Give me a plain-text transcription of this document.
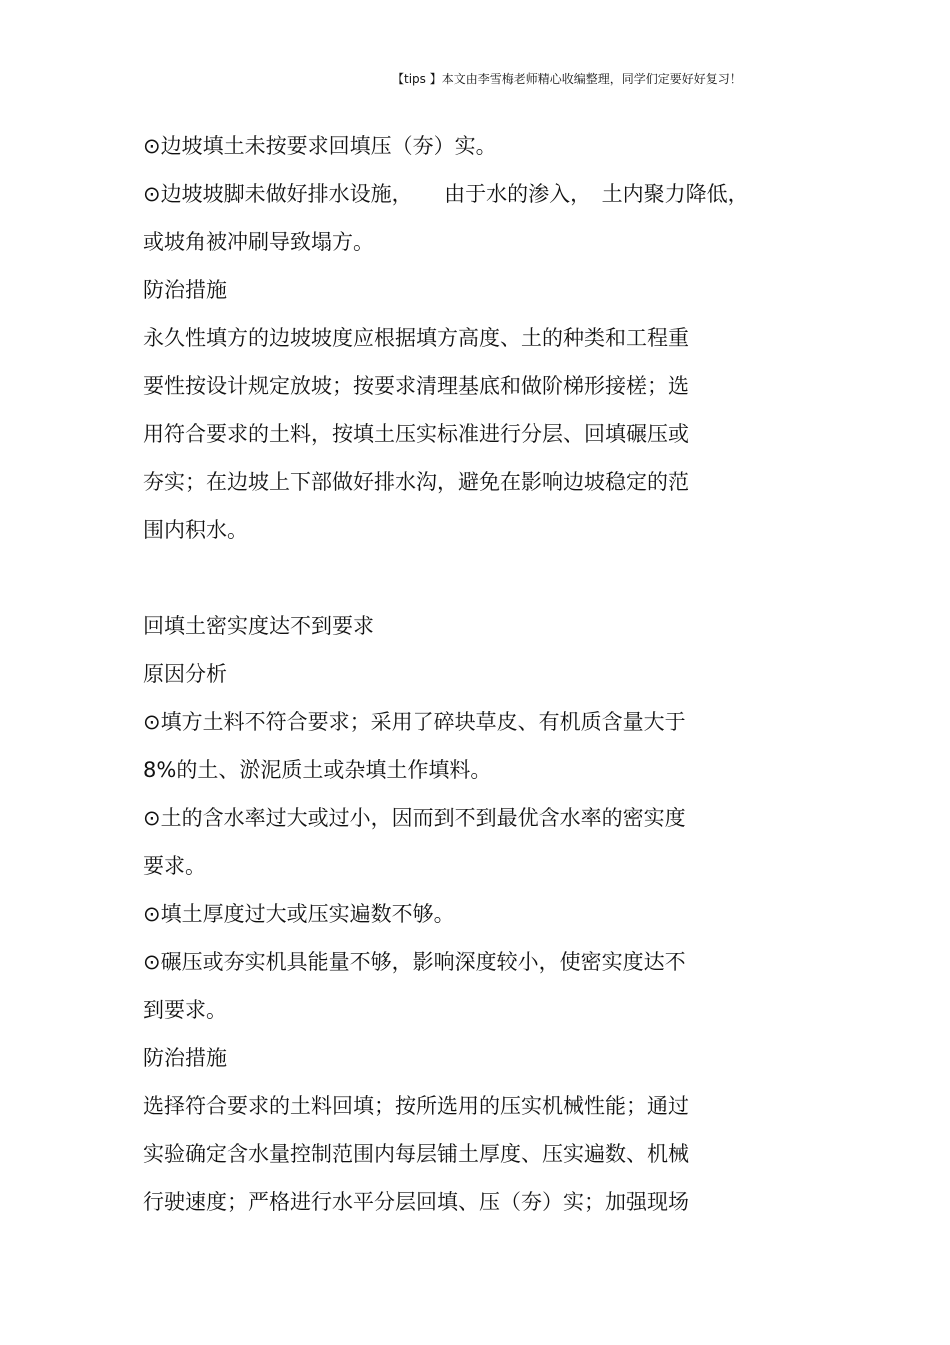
【tips 】本文由李雪梅老师精心收编整理，同学们定要好好复习！
⊙边坡填土未按要求回填压（夯）实。
⊙边坡坡脚未做好排水设施，　　由于水的渗入，　土内聚力降低，
或坡角被冲刷导致塌方。
防治措施
永久性填方的边坡坡度应根据填方高度、土的种类和工程重
要性按设计规定放坡；按要求清理基底和做阶梯形接槎；选
用符合要求的土料，按填土压实标准进行分层、回填碾压或
夯实；在边坡上下部做好排水沟，避免在影响边坡稳定的范
围内积水。
回填土密实度达不到要求
原因分析
⊙填方土料不符合要求；采用了碎块草皮、有机质含量大于
8%的土、淤泥质土或杂填土作填料。
⊙土的含水率过大或过小，因而到不到最优含水率的密实度
要求。
⊙填土厚度过大或压实遍数不够。
⊙碾压或夯实机具能量不够，影响深度较小，使密实度达不
到要求。
防治措施
选择符合要求的土料回填；按所选用的压实机械性能；通过
实验确定含水量控制范围内每层铺土厚度、压实遍数、机械
行驶速度；严格进行水平分层回填、压（夯）实；加强现场
